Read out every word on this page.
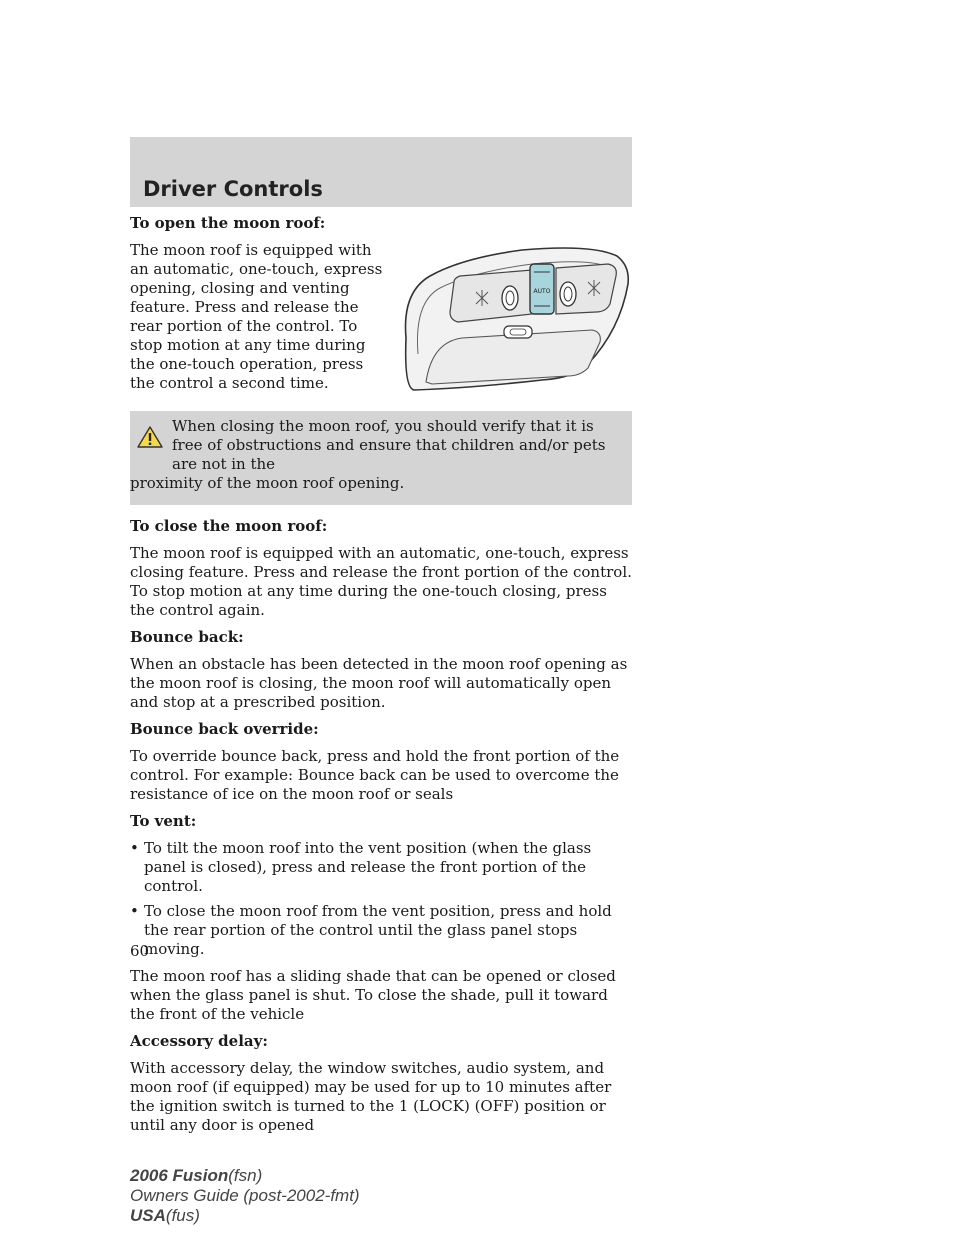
Driver Controls
To open the moon roof:

The moon roof is equipped with an automatic, one-touch, express opening, closing and venting feature. Press and release the rear portion of the control. To stop motion at any time during the one-touch operation, press the control a second time.

AUTO

When closing the moon roof, you should verify that it is free of obstructions and ensure that children and/or pets are not in the

proximity of the moon roof opening.

To close the moon roof:

The moon roof is equipped with an automatic, one-touch, express closing feature. Press and release the front portion of the control. To stop motion at any time during the one-touch closing, press the control again.

Bounce back:

When an obstacle has been detected in the moon roof opening as the moon roof is closing, the moon roof will automatically open and stop at a prescribed position.

Bounce back override:

To override bounce back, press and hold the front portion of the control. For example: Bounce back can be used to overcome the resistance of ice on the moon roof or seals

To vent:
• To tilt the moon roof into the vent position (when the glass panel is closed), press and release the front portion of the control.
• To close the moon roof from the vent position, press and hold the rear portion of the control until the glass panel stops moving.

The moon roof has a sliding shade that can be opened or closed when the glass panel is shut. To close the shade, pull it toward the front of the vehicle

Accessory delay:

With accessory delay, the window switches, audio system, and moon roof (if equipped) may be used for up to 10 minutes after the ignition switch is turned to the 1 (LOCK) (OFF) position or until any door is opened

60
2006 Fusion(fsn)
Owners Guide (post-2002-fmt)
USA(fus)
